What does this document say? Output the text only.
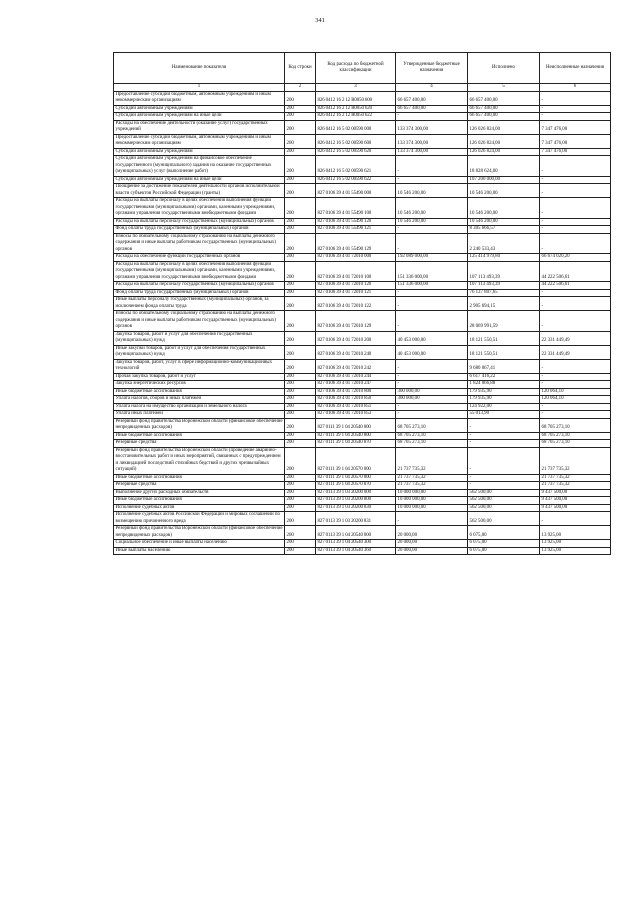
341
Наименование показателя	Код строки	Код расхода по бюджетной классификации	Утвержденные бюджетные назначения	Исполнено	Неисполненные назначения
1	2	3	4	5	6
Предоставление субсидий бюджетным, автономным учреждениям и иным некоммерческим организациям	200	826 0412 16 2 12 R0050 600	66 657 400,00	66 657 400,00	-
Субсидии автономным учреждениям	200	826 0412 16 2 12 R0050 620	66 657 400,00	66 657 400,00	-
Субсидии автономным учреждениям на иные цели	200	826 0412 16 2 12 R0050 622	-	66 657 400,00	-
Расходы на обеспечение деятельности (оказание услуг) государственных учреждений	200	826 0412 16 5 02 00590 000	133 374 300,00	126 026 824,00	7 347 476,00
Предоставление субсидий бюджетным, автономным учреждениям и иным некоммерческим организациям	200	826 0412 16 5 02 00590 600	133 374 300,00	126 026 824,00	7 347 476,00
Субсидии автономным учреждениям	200	826 0412 16 5 02 00590 620	133 374 300,00	126 026 824,00	7 347 476,00
Субсидии автономным учреждениям на финансовое обеспечение государственного (муниципального) задания на оказание государственных (муниципальных) услуг (выполнение работ)	200	826 0412 16 5 02 00590 621	-	18 828 624,00	-
Субсидии автономным учреждениям на иные цели	200	826 0412 16 5 02 00590 622	-	107 200 000,00	-
Поощрение за достижение показателей деятельности органов исполнительной власти субъектов Российской Федерации (гранты)	200	827 0106 39 4 01 55490 000	10 546 200,00	10 546 200,00	-
Расходы на выплаты персоналу в целях обеспечения выполнения функций государственными (муниципальными) органами, казенными учреждениями, органами управления государственными внебюджетными фондами	200	827 0106 39 4 01 55490 100	10 546 200,00	10 546 200,00	-
Расходы на выплаты персоналу государственных (муниципальных) органов	200	827 0106 39 4 01 55490 120	10 546 200,00	10 546 200,00	-
Фонд оплаты труда государственных (муниципальных) органов	200	827 0106 39 4 01 55490 121	-	8 305 666,57	-
Взносы по обязательному социальному страхованию на выплаты денежного содержания и иные выплаты работникам государственных (муниципальных) органов	200	827 0106 39 4 01 55490 129	-	2 240 533,43	-
Расходы на обеспечение функций государственных органов	200	827 0106 39 4 01 72010 000	192 089 000,00	125 414 979,80	66 674 020,20
Расходы на выплаты персоналу в целях обеспечения выполнения функций государственными (муниципальными) органами, казенными учреждениями, органами управления государственными внебюджетными фондами	200	827 0106 39 4 01 72010 100	151 336 000,00	107 113 493,39	44 222 506,61
Расходы на выплаты персоналу государственных (муниципальных) органов	200	827 0106 39 4 01 72010 120	151 336 000,00	107 113 493,39	44 222 506,61
Фонд оплаты труда государственных (муниципальных) органов	200	827 0106 39 4 01 72010 121	-	76 137 807,65	-
Иные выплаты персоналу государственных (муниципальных) органов, за исключением фонда оплаты труда	200	827 0106 39 4 01 72010 122	-	2 905 694,15	-
Взносы по обязательному социальному страхованию на выплаты денежного содержания и иные выплаты работникам государственных (муниципальных) органов	200	827 0106 39 4 01 72010 129	-	28 069 991,59	-
Закупка товаров, работ и услуг для обеспечения государственных (муниципальных) нужд	200	827 0106 39 4 01 72010 200	40 453 000,00	18 121 550,51	22 331 449,49
Иные закупки товаров, работ и услуг для обеспечения государственных (муниципальных) нужд	200	827 0106 39 4 01 72010 240	40 453 000,00	18 121 550,51	22 331 449,49
Закупка товаров, работ, услуг в сфере информационно-коммуникационных технологий	200	827 0106 39 4 01 72010 242	-	9 680 067,41	-
Прочая закупка товаров, работ и услуг	200	827 0106 39 4 01 72010 244	-	6 617 416,22	-
Закупка энергетических ресурсов	200	827 0106 39 4 01 72010 247	-	1 824 066,88	-
Иные бюджетные ассигнования	200	827 0106 39 4 01 72010 800	300 000,00	179 935,90	120 064,10
Уплата налогов, сборов и иных платежей	200	827 0106 39 4 01 72010 850	300 000,00	179 935,90	120 064,10
Уплата налога на имущество организаций и земельного налога	200	827 0106 39 4 01 72010 851	-	124 922,00	-
Уплата иных платежей	200	827 0106 39 4 01 72010 853	-	55 013,90	-
Резервный фонд правительства Воронежской области (финансовое обеспечение непредвиденных расходов)	200	827 0111 39 1 04 20540 000	68 705 273,10	-	68 705 273,10
Иные бюджетные ассигнования	200	827 0111 39 1 04 20540 800	68 705 273,10	-	68 705 273,10
Резервные средства	200	827 0111 39 1 04 20540 870	68 705 273,10	-	68 705 273,10
Резервный фонд правительства Воронежской области (проведение аварийно-восстановительных работ и иных мероприятий, связанных с предупреждением и ликвидацией последствий стихийных бедствий и других чрезвычайных ситуаций)	200	827 0111 39 1 04 20570 000	21 737 735,32	-	21 737 735,32
Иные бюджетные ассигнования	200	827 0111 39 1 04 20570 800	21 737 735,32	-	21 737 735,32
Резервные средства	200	827 0111 39 1 04 20570 870	21 737 735,32	-	21 737 735,32
Выполнение других расходных обязательств	200	827 0113 39 1 03 20200 000	10 000 000,00	562 500,00	9 437 500,00
Иные бюджетные ассигнования	200	827 0113 39 1 03 20200 800	10 000 000,00	562 500,00	9 437 500,00
Исполнение судебных актов	200	827 0113 39 1 03 20200 830	10 000 000,00	562 500,00	9 437 500,00
Исполнение судебных актов Российской Федерации и мировых соглашений по возмещению причиненного вреда	200	827 0113 39 1 03 20200 831	-	562 500,00	-
Резервный фонд правительства Воронежской области (финансовое обеспечение непредвиденных расходов)	200	827 0113 39 1 04 20540 000	20 000,00	6 075,00	13 925,00
Социальное обеспечение и иные выплаты населению	200	827 0113 39 1 04 20540 300	20 000,00	6 075,00	13 925,00
Иные выплаты населению	200	827 0113 39 1 04 20540 360	20 000,00	6 075,00	13 925,00
